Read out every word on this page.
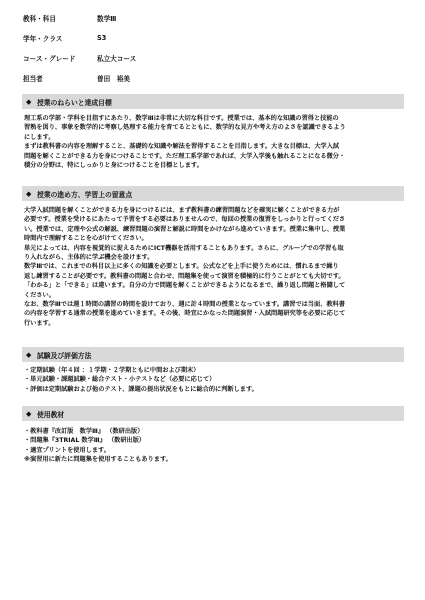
教科・科目	数学Ⅲ
学年・クラス	S3
コース・グレード	私立大コース
担当者	曽田　裕美
◆ 授業のねらいと達成目標

理工系の学部・学科を目指すにあたり、数学Ⅲは非常に大切な科目です。授業では、基本的な知識の習得と技能の
習熟を図り、事象を数学的に考察し処理する能力を育てるとともに、数学的な見方や考え方のよさを認識できるよう
にします。

まずは教科書の内容を理解すること、基礎的な知識や解法を習得することを目指します。大きな目標は、大学入試
問題を解くことができる力を身につけることです。ただ理工系学部であれば、大学入学後も触れることになる微分・
積分の分野は、特にしっかりと身につけることを目標とします。

◆ 授業の進め方、学習上の留意点

大学入試問題を解くことができる力を身につけるには、まず教科書の練習問題などを確実に解くことができる力が
必要です。授業を受けるにあたって予習をする必要はありませんので、毎回の授業の復習をしっかりと行ってくださ
い。授業では、定理や公式の解説、練習問題の演習と解説に時間をかけながら進めていきます。授業に集中し、授業
時間内で理解することを心がけてください。

単元によっては、内容を視覚的に捉えるためにICT機器を活用することもあります。さらに、グループでの学習も取
り入れながら、主体的に学ぶ機会を設けます。

数学Ⅲでは、これまでの科目以上に多くの知識を必要とします。公式などを上手に使うためには、慣れるまで繰り
返し練習することが必要です。教科書の問題と合わせ、問題集を使って演習を積極的に行うことがとても大切です。
「わかる」と「できる」は違います。自分の力で問題を解くことができるようになるまで、繰り返し問題と格闘して
ください。

なお、数学Ⅲでは週１時間の講習の時間を設けており、週に計４時間の授業となっています。講習では当面、教科書
の内容を学習する通常の授業を進めていきます。その後、時宜にかなった問題演習・入試問題研究等を必要に応じて
行います。

◆ 試験及び評価方法
・定期試験（年４回 ：１学期・２学期ともに中間および期末）
・単元試験・課題試験・総合テスト・小テストなど（必要に応じて）
・評価は定期試験および他のテスト、課題の提出状況をもとに総合的に判断します。
◆ 使用教材
・教科書『改訂版　数学Ⅲ』 （数研出版）
・問題集『3TRIAL 数学Ⅲ』 （数研出版）
・適宜プリントを使用します。
※演習用に新たに問題集を使用することもあります。
